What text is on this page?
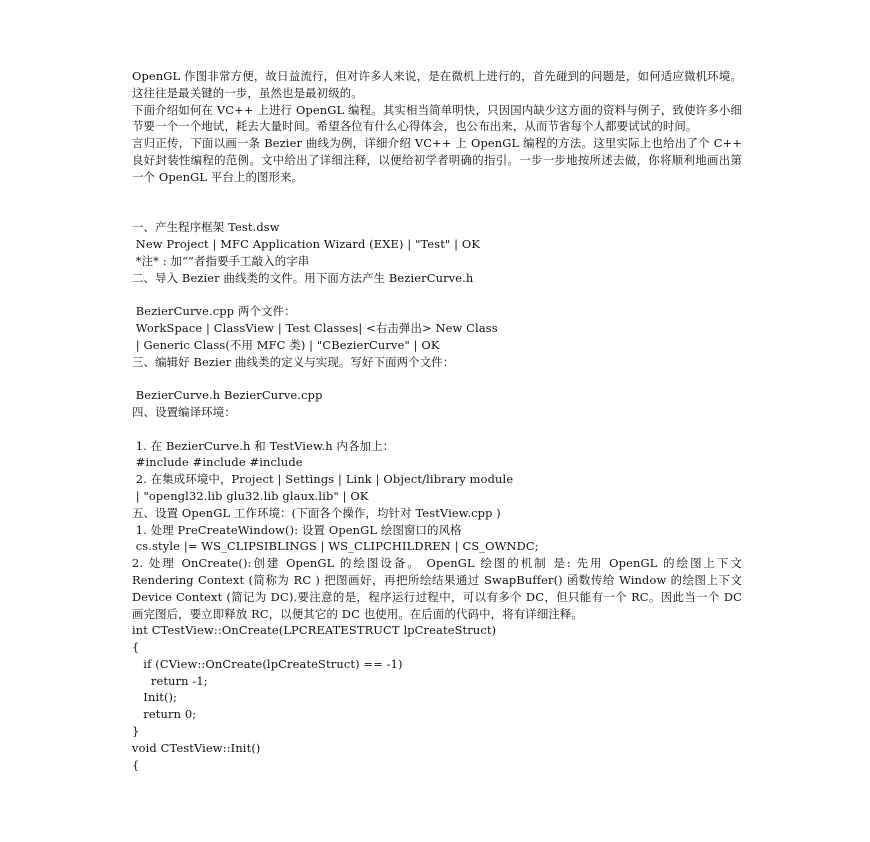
OpenGL 作图非常方便，故日益流行，但对许多人来说，是在微机上进行的，首先碰到的问题是，如何适应微机环境。这往往是最关键的一步，虽然也是最初级的。

下面介绍如何在 VC++ 上进行 OpenGL 编程。其实相当简单明快，只因国内缺少这方面的资料与例子，致使许多小细节要一个一个地试，耗去大量时间。希望各位有什么心得体会，也公布出来，从而节省每个人都要试试的时间。

言归正传，下面以画一条 Bezier 曲线为例，详细介绍 VC++ 上 OpenGL 编程的方法。这里实际上也给出了个 C++ 良好封装性编程的范例。文中给出了详细注释，以便给初学者明确的指引。一步一步地按所述去做，你将顺利地画出第一个 OpenGL 平台上的图形来。

一、产生程序框架 Test.dsw

New Project | MFC Application Wizard (EXE) | "Test" | OK

*注* : 加“”者指要手工敲入的字串

二、导入 Bezier 曲线类的文件。用下面方法产生 BezierCurve.h

BezierCurve.cpp 两个文件：

WorkSpace | ClassView | Test Classes| <右击弹出> New Class

| Generic Class(不用 MFC 类) | "CBezierCurve" | OK

三、编辑好 Bezier 曲线类的定义与实现。写好下面两个文件：

BezierCurve.h BezierCurve.cpp

四、设置编译环境：

1. 在 BezierCurve.h 和 TestView.h 内各加上：

#include #include #include

2. 在集成环境中，Project | Settings | Link | Object/library module

| "opengl32.lib glu32.lib glaux.lib" | OK

五、设置 OpenGL 工作环境：(下面各个操作，均针对 TestView.cpp )

1. 处理 PreCreateWindow(): 设置 OpenGL 绘图窗口的风格

cs.style |= WS_CLIPSIBLINGS | WS_CLIPCHILDREN | CS_OWNDC;

2. 处理 OnCreate():创建 OpenGL 的绘图设备。 OpenGL 绘图的机制 是: 先用 OpenGL 的绘图上下文 Rendering Context (简称为 RC ) 把图画好，再把所绘结果通过 SwapBuffer() 函数传给 Window 的绘图上下文 Device Context (简记为 DC).要注意的是，程序运行过程中，可以有多个 DC，但只能有一个 RC。因此当一个 DC 画完图后，要立即释放 RC，以便其它的 DC 也使用。在后面的代码中，将有详细注释。

int CTestView::OnCreate(LPCREATESTRUCT lpCreateStruct)

{

if (CView::OnCreate(lpCreateStruct) == -1)

return -1;

Init();

return 0;

}

void CTestView::Init()

{
